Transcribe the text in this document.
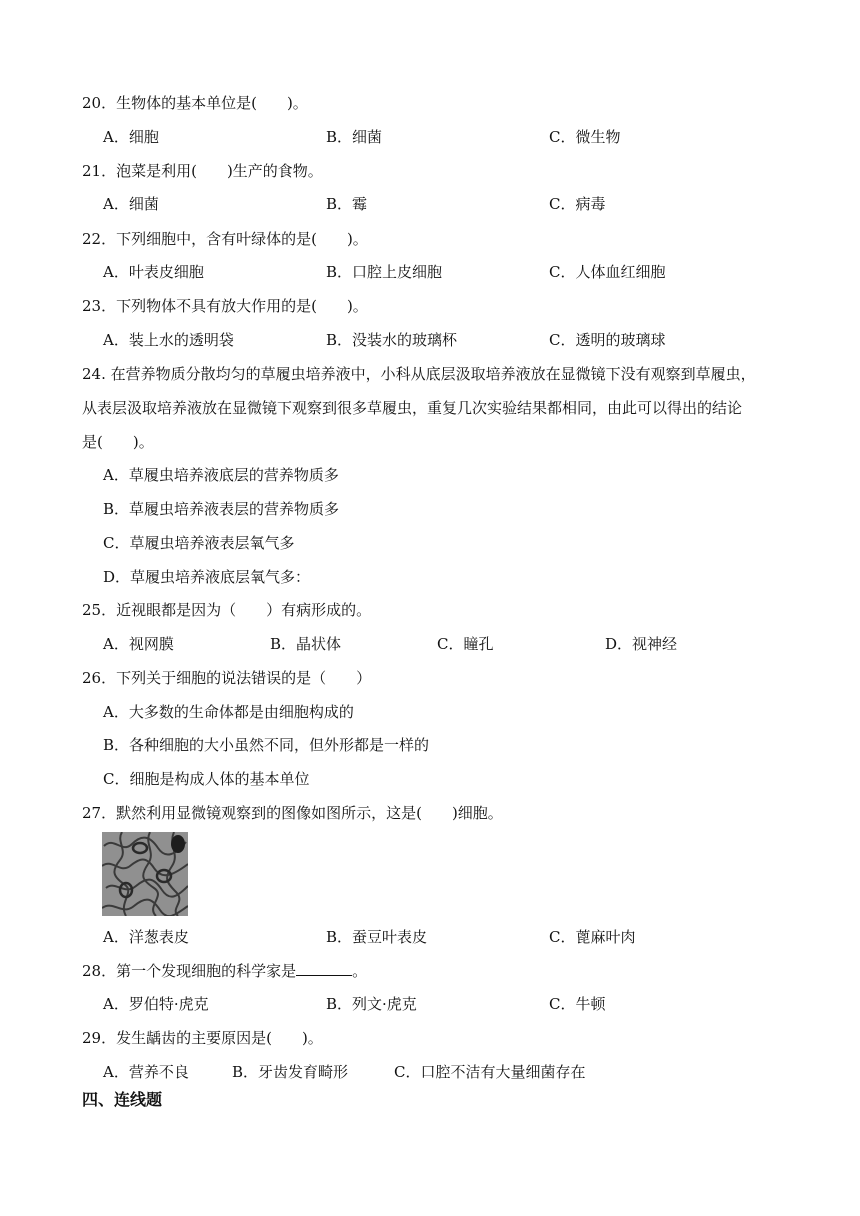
20．生物体的基本单位是(　　)。
A．细胞	B．细菌	C．微生物
21．泡菜是利用(　　)生产的食物。
A．细菌	B．霉	C．病毒
22．下列细胞中，含有叶绿体的是(　　)。
A．叶表皮细胞	B．口腔上皮细胞	C．人体血红细胞
23．下列物体不具有放大作用的是(　　)。
A．装上水的透明袋	B．没装水的玻璃杯	C．透明的玻璃球
24. 在营养物质分散均匀的草履虫培养液中，小科从底层汲取培养液放在显微镜下没有观察到草履虫，
从表层汲取培养液放在显微镜下观察到很多草履虫，重复几次实验结果都相同，由此可以得出的结论
是(　　)。
A．草履虫培养液底层的营养物质多
B．草履虫培养液表层的营养物质多
C．草履虫培养液表层氧气多
D．草履虫培养液底层氧气多：
25．近视眼都是因为（　　）有病形成的。
A．视网膜	B．晶状体	C．瞳孔	D．视神经
26．下列关于细胞的说法错误的是（　　）
A．大多数的生命体都是由细胞构成的
B．各种细胞的大小虽然不同，但外形都是一样的
C．细胞是构成人体的基本单位
27．默然利用显微镜观察到的图像如图所示，这是(　　)细胞。
A．洋葱表皮	B．蚕豆叶表皮	C．蓖麻叶肉
28．第一个发现细胞的科学家是	。
A．罗伯特·虎克	B．列文·虎克	C．牛顿
29．发生龋齿的主要原因是(　　)。
A．营养不良	B．牙齿发育畸形	C．口腔不洁有大量细菌存在
四、连线题
